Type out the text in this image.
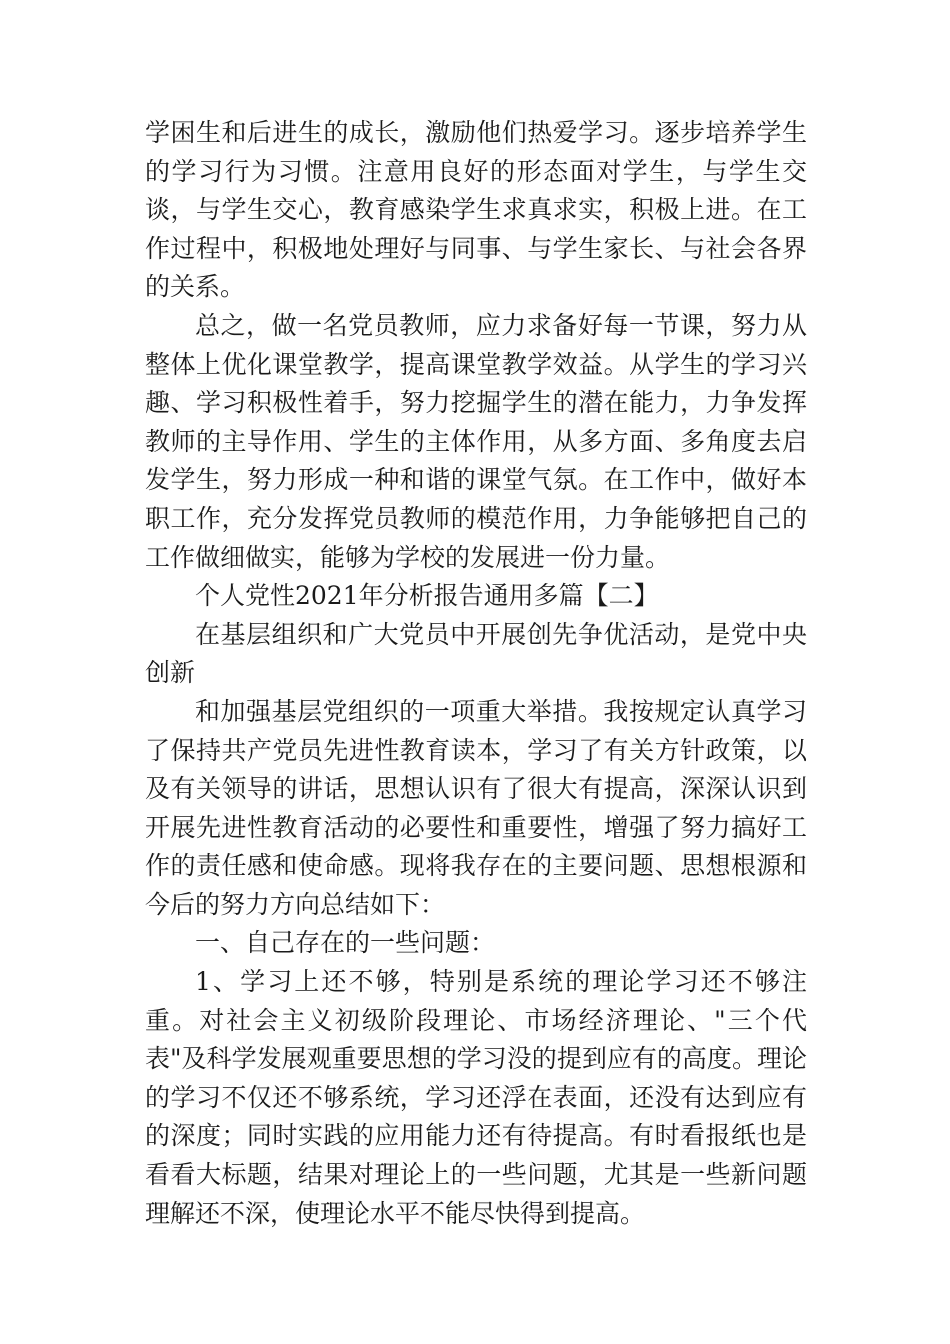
学困生和后进生的成长，激励他们热爱学习。逐步培养学生的学习行为习惯。注意用良好的形态面对学生，与学生交谈，与学生交心，教育感染学生求真求实，积极上进。在工作过程中，积极地处理好与同事、与学生家长、与社会各界的关系。

总之，做一名党员教师，应力求备好每一节课，努力从整体上优化课堂教学，提高课堂教学效益。从学生的学习兴趣、学习积极性着手，努力挖掘学生的潜在能力，力争发挥教师的主导作用、学生的主体作用，从多方面、多角度去启发学生，努力形成一种和谐的课堂气氛。在工作中，做好本职工作，充分发挥党员教师的模范作用，力争能够把自己的工作做细做实，能够为学校的发展进一份力量。

个人党性2021年分析报告通用多篇【二】

在基层组织和广大党员中开展创先争优活动，是党中央创新

和加强基层党组织的一项重大举措。我按规定认真学习了保持共产党员先进性教育读本，学习了有关方针政策，以及有关领导的讲话，思想认识有了很大有提高，深深认识到开展先进性教育活动的必要性和重要性，增强了努力搞好工作的责任感和使命感。现将我存在的主要问题、思想根源和今后的努力方向总结如下：

一、自己存在的一些问题：

1、学习上还不够，特别是系统的理论学习还不够注重。对社会主义初级阶段理论、市场经济理论、"三个代表"及科学发展观重要思想的学习没的提到应有的高度。理论的学习不仅还不够系统，学习还浮在表面，还没有达到应有的深度；同时实践的应用能力还有待提高。有时看报纸也是看看大标题，结果对理论上的一些问题，尤其是一些新问题理解还不深，使理论水平不能尽快得到提高。
